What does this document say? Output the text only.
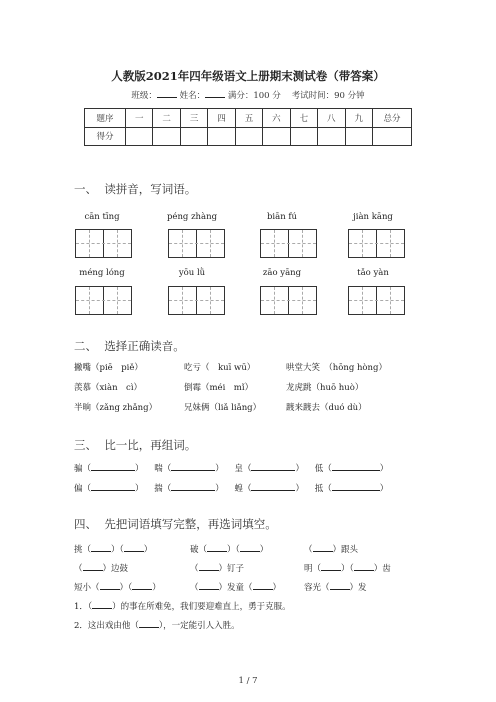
人教版2021年四年级语文上册期末测试卷（带答案）
班级：	姓名：	满分：100 分 考试时间：90 分钟
题序	一	二	三	四	五	六	七	八	九	总分
得分										
一、 读拼音，写词语。
cān tīng	péng zhàng	biān fú	jiàn kāng
méng lóng	yōu lǜ	zāo yāng	tǎo yàn
二、 选择正确读音。
撇嘴（piē　piě）	吃亏（　kuī wū）	哄堂大笑　（hōng hòng）
羡慕（xiàn　cì）	倒霉（méi　mǐ）	龙虎跳（huō huò）
半晌（zǎng zhǎng）	兄妹俩（liǎ liǎng）	踱来踱去（duó dù）
三、 比一比，再组词。
骗（	） 喘（	） 皇（	） 低（	）
偏（	） 揣（	） 蝗（	） 抵（	）
四、 先把词语填写完整，再选词填空。
挑（ ）（ ）	破（ ）（ ）	（ ）跟头
（ ）边鼓	（ ）钉子	明（ ）（ ）齿
短小（ ）（ ）	（ ）发童（ ）	容光（ ）发
1．（ ）的事在所难免，我们要迎难直上，勇于克服。
2．这出戏由他（ ），一定能引人入胜。
1 / 7
